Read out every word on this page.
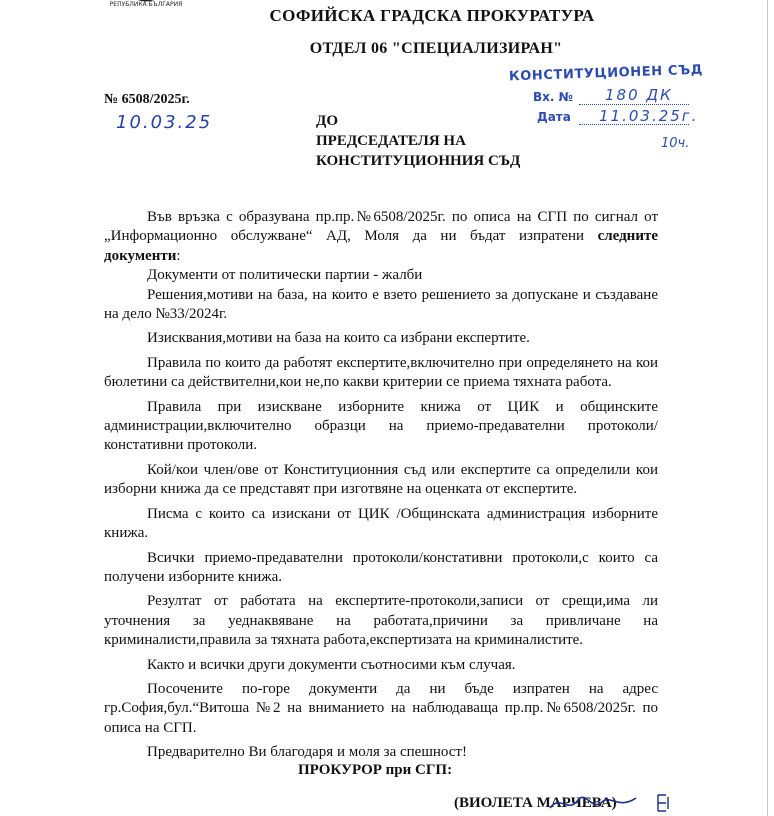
РЕПУБЛИКА БЪЛГАРИЯ
СОФИЙСКА ГРАДСКА ПРОКУРАТУРА
ОТДЕЛ 06 "СПЕЦИАЛИЗИРАН"
№ 6508/2025г.
10.03.25
КОНСТИТУЦИОНЕН СЪД
Вх. № 180 ДК
Дата 11.03.25г.
10ч.
ДО
ПРЕДСЕДАТЕЛЯ НА
КОНСТИТУЦИОННИЯ СЪД

Във връзка с образувана пр.пр.№6508/2025г. по описа на СГП по сигнал от „Информационно обслужване“ АД, Моля да ни бъдат изпратени следните документи:

Документи от политически партии - жалби

Решения,мотиви на база, на които е взето решението за допускане и създаване на дело №33/2024г.

Изисквания,мотиви на база на които са избрани експертите.

Правила по които да работят експертите,включително при определянето на кои бюлетини са действителни,кои не,по какви критерии се приема тяхната работа.

Правила при изискване изборните книжа от ЦИК и общинските администрации,включително образци на приемо-предавателни протоколи/констативни протоколи.

Кой/кои член/ове от Конституционния съд или експертите са определили кои изборни книжа да се представят при изготвяне на оценката от експертите.

Писма с които са изискани от ЦИК /Общинската администрация изборните книжа.

Всички приемо-предавателни протоколи/констативни протоколи,с които са получени изборните книжа.

Резултат от работата на експертите-протоколи,записи от срещи,има ли уточнения за уеднаквяване на работата,причини за привличане на криминалисти,правила за тяхната работа,експертизата на криминалистите.

Както и всички други документи съотносими към случая.

Посочените по-горе документи да ни бъде изпратен на адрес гр.София,бул.“Витоша №2 на вниманието на наблюдаваща пр.пр.№6508/2025г. по описа на СГП.

Предварително Ви благодаря и моля за спешност!

ПРОКУРОР при СГП:
(ВИОЛЕТА МАРЧЕВА)
